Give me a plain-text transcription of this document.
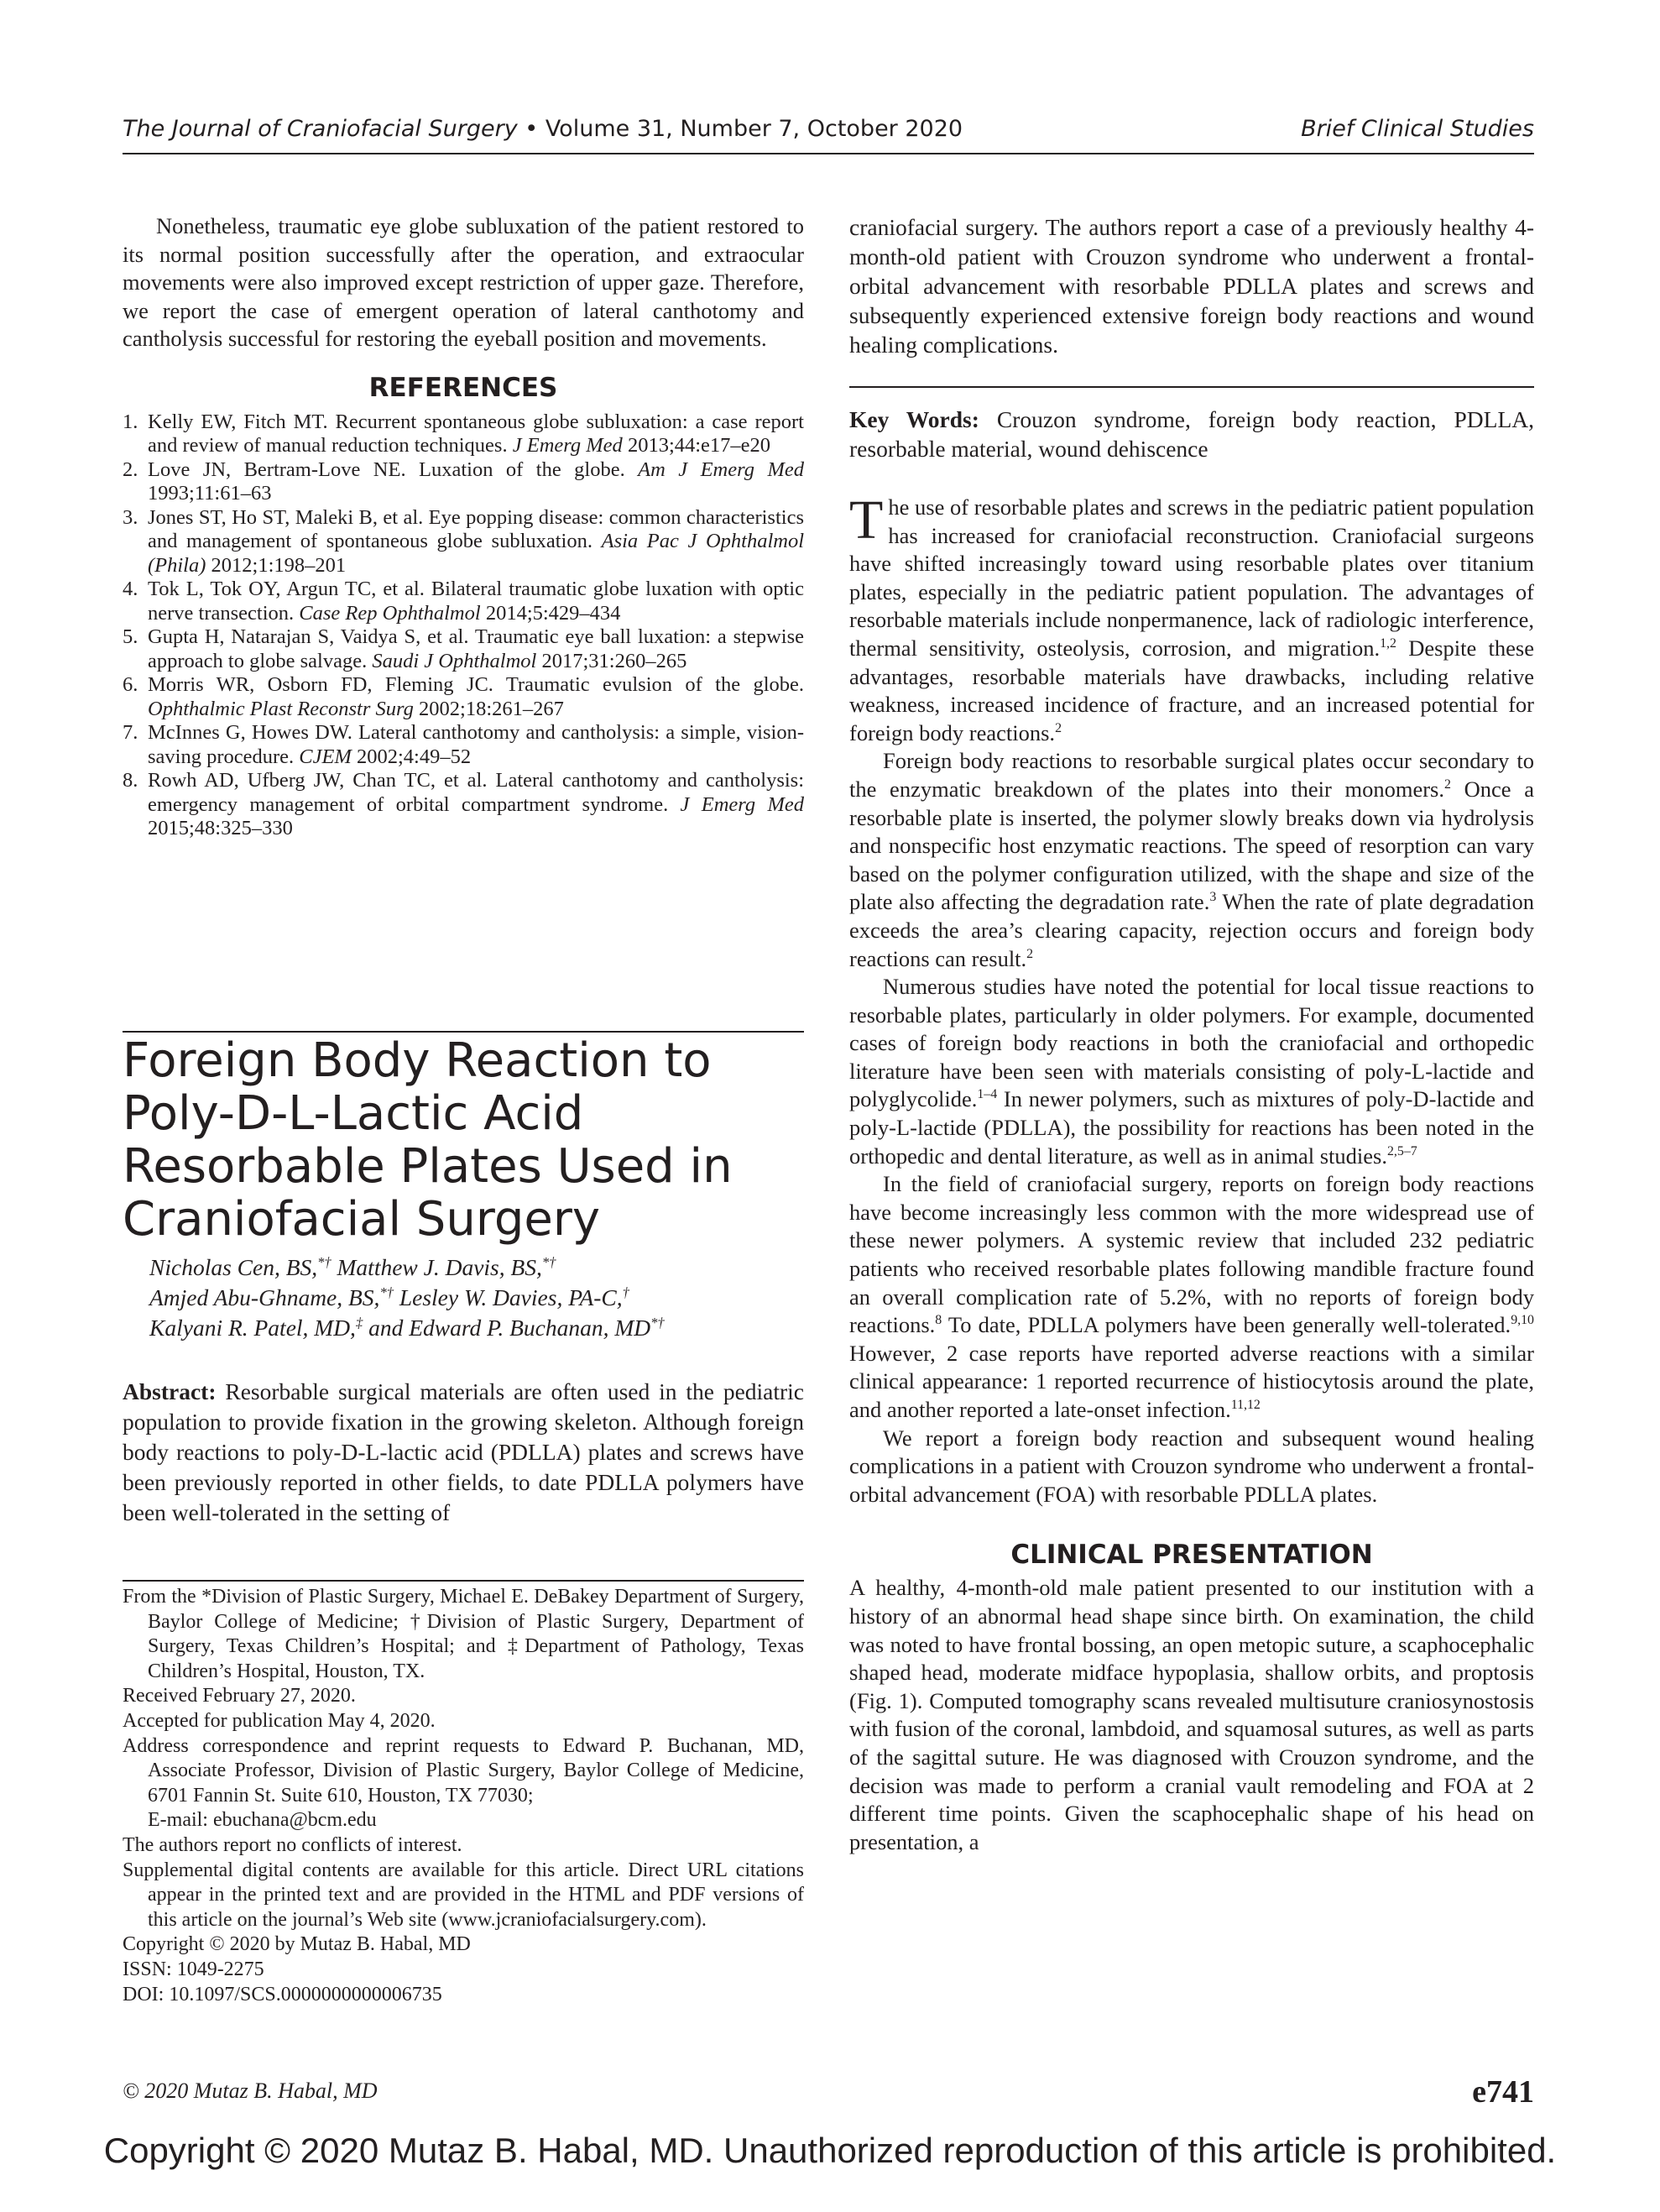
The Journal of Craniofacial Surgery • Volume 31, Number 7, October 2020	Brief Clinical Studies

Nonetheless, traumatic eye globe subluxation of the patient restored to its normal position successfully after the operation, and extraocular movements were also improved except restriction of upper gaze. Therefore, we report the case of emergent operation of lateral canthotomy and cantholysis successful for restoring the eyeball position and movements.

REFERENCES
1. Kelly EW, Fitch MT. Recurrent spontaneous globe subluxation: a case report and review of manual reduction techniques. J Emerg Med 2013;44:e17–e20
2. Love JN, Bertram-Love NE. Luxation of the globe. Am J Emerg Med 1993;11:61–63
3. Jones ST, Ho ST, Maleki B, et al. Eye popping disease: common characteristics and management of spontaneous globe subluxation. Asia Pac J Ophthalmol (Phila) 2012;1:198–201
4. Tok L, Tok OY, Argun TC, et al. Bilateral traumatic globe luxation with optic nerve transection. Case Rep Ophthalmol 2014;5:429–434
5. Gupta H, Natarajan S, Vaidya S, et al. Traumatic eye ball luxation: a stepwise approach to globe salvage. Saudi J Ophthalmol 2017;31:260–265
6. Morris WR, Osborn FD, Fleming JC. Traumatic evulsion of the globe. Ophthalmic Plast Reconstr Surg 2002;18:261–267
7. McInnes G, Howes DW. Lateral canthotomy and cantholysis: a simple, vision-saving procedure. CJEM 2002;4:49–52
8. Rowh AD, Ufberg JW, Chan TC, et al. Lateral canthotomy and cantholysis: emergency management of orbital compartment syndrome. J Emerg Med 2015;48:325–330
Foreign Body Reaction to Poly-D-L-Lactic Acid Resorbable Plates Used in Craniofacial Surgery
Nicholas Cen, BS,*† Matthew J. Davis, BS,*†
Amjed Abu-Ghname, BS,*† Lesley W. Davies, PA-C,†
Kalyani R. Patel, MD,‡ and Edward P. Buchanan, MD*†
Abstract: Resorbable surgical materials are often used in the pediatric population to provide fixation in the growing skeleton. Although foreign body reactions to poly-D-L-lactic acid (PDLLA) plates and screws have been previously reported in other fields, to date PDLLA polymers have been well-tolerated in the setting of
From the *Division of Plastic Surgery, Michael E. DeBakey Department of Surgery, Baylor College of Medicine; †Division of Plastic Surgery, Department of Surgery, Texas Children’s Hospital; and ‡Department of Pathology, Texas Children’s Hospital, Houston, TX.
Received February 27, 2020.
Accepted for publication May 4, 2020.
Address correspondence and reprint requests to Edward P. Buchanan, MD, Associate Professor, Division of Plastic Surgery, Baylor College of Medicine, 6701 Fannin St. Suite 610, Houston, TX 77030;
E-mail: ebuchana@bcm.edu
The authors report no conflicts of interest.
Supplemental digital contents are available for this article. Direct URL citations appear in the printed text and are provided in the HTML and PDF versions of this article on the journal’s Web site (www.jcraniofacialsurgery.com).
Copyright © 2020 by Mutaz B. Habal, MD
ISSN: 1049-2275
DOI: 10.1097/SCS.0000000000006735

craniofacial surgery. The authors report a case of a previously healthy 4-month-old patient with Crouzon syndrome who underwent a frontal-orbital advancement with resorbable PDLLA plates and screws and subsequently experienced extensive foreign body reactions and wound healing complications.

Key Words: Crouzon syndrome, foreign body reaction, PDLLA, resorbable material, wound dehiscence

The use of resorbable plates and screws in the pediatric patient population has increased for craniofacial reconstruction. Craniofacial surgeons have shifted increasingly toward using resorbable plates over titanium plates, especially in the pediatric patient population. The advantages of resorbable materials include nonpermanence, lack of radiologic interference, thermal sensitivity, osteolysis, corrosion, and migration.$^{1,2}$ Despite these advantages, resorbable materials have drawbacks, including relative weakness, increased incidence of fracture, and an increased potential for foreign body reactions.$^2$

Foreign body reactions to resorbable surgical plates occur secondary to the enzymatic breakdown of the plates into their monomers.$^2$ Once a resorbable plate is inserted, the polymer slowly breaks down via hydrolysis and nonspecific host enzymatic reactions. The speed of resorption can vary based on the polymer configuration utilized, with the shape and size of the plate also affecting the degradation rate.$^3$ When the rate of plate degradation exceeds the area’s clearing capacity, rejection occurs and foreign body reactions can result.$^2$

Numerous studies have noted the potential for local tissue reactions to resorbable plates, particularly in older polymers. For example, documented cases of foreign body reactions in both the craniofacial and orthopedic literature have been seen with materials consisting of poly-L-lactide and polyglycolide.$^{1-4}$ In newer polymers, such as mixtures of poly-D-lactide and poly-L-lactide (PDLLA), the possibility for reactions has been noted in the orthopedic and dental literature, as well as in animal studies.$^{2,5-7}$

In the field of craniofacial surgery, reports on foreign body reactions have become increasingly less common with the more widespread use of these newer polymers. A systemic review that included 232 pediatric patients who received resorbable plates following mandible fracture found an overall complication rate of 5.2%, with no reports of foreign body reactions.$^8$ To date, PDLLA polymers have been generally well-tolerated.$^{9,10}$ However, 2 case reports have reported adverse reactions with a similar clinical appearance: 1 reported recurrence of histiocytosis around the plate, and another reported a late-onset infection.$^{11,12}$

We report a foreign body reaction and subsequent wound healing complications in a patient with Crouzon syndrome who underwent a frontal-orbital advancement (FOA) with resorbable PDLLA plates.

CLINICAL PRESENTATION

A healthy, 4-month-old male patient presented to our institution with a history of an abnormal head shape since birth. On examination, the child was noted to have frontal bossing, an open metopic suture, a scaphocephalic shaped head, moderate midface hypoplasia, shallow orbits, and proptosis (Fig. 1). Computed tomography scans revealed multisuture craniosynostosis with fusion of the coronal, lambdoid, and squamosal sutures, as well as parts of the sagittal suture. He was diagnosed with Crouzon syndrome, and the decision was made to perform a cranial vault remodeling and FOA at 2 different time points. Given the scaphocephalic shape of his head on presentation, a

© 2020 Mutaz B. Habal, MD	e741
Copyright © 2020 Mutaz B. Habal, MD. Unauthorized reproduction of this article is prohibited.
